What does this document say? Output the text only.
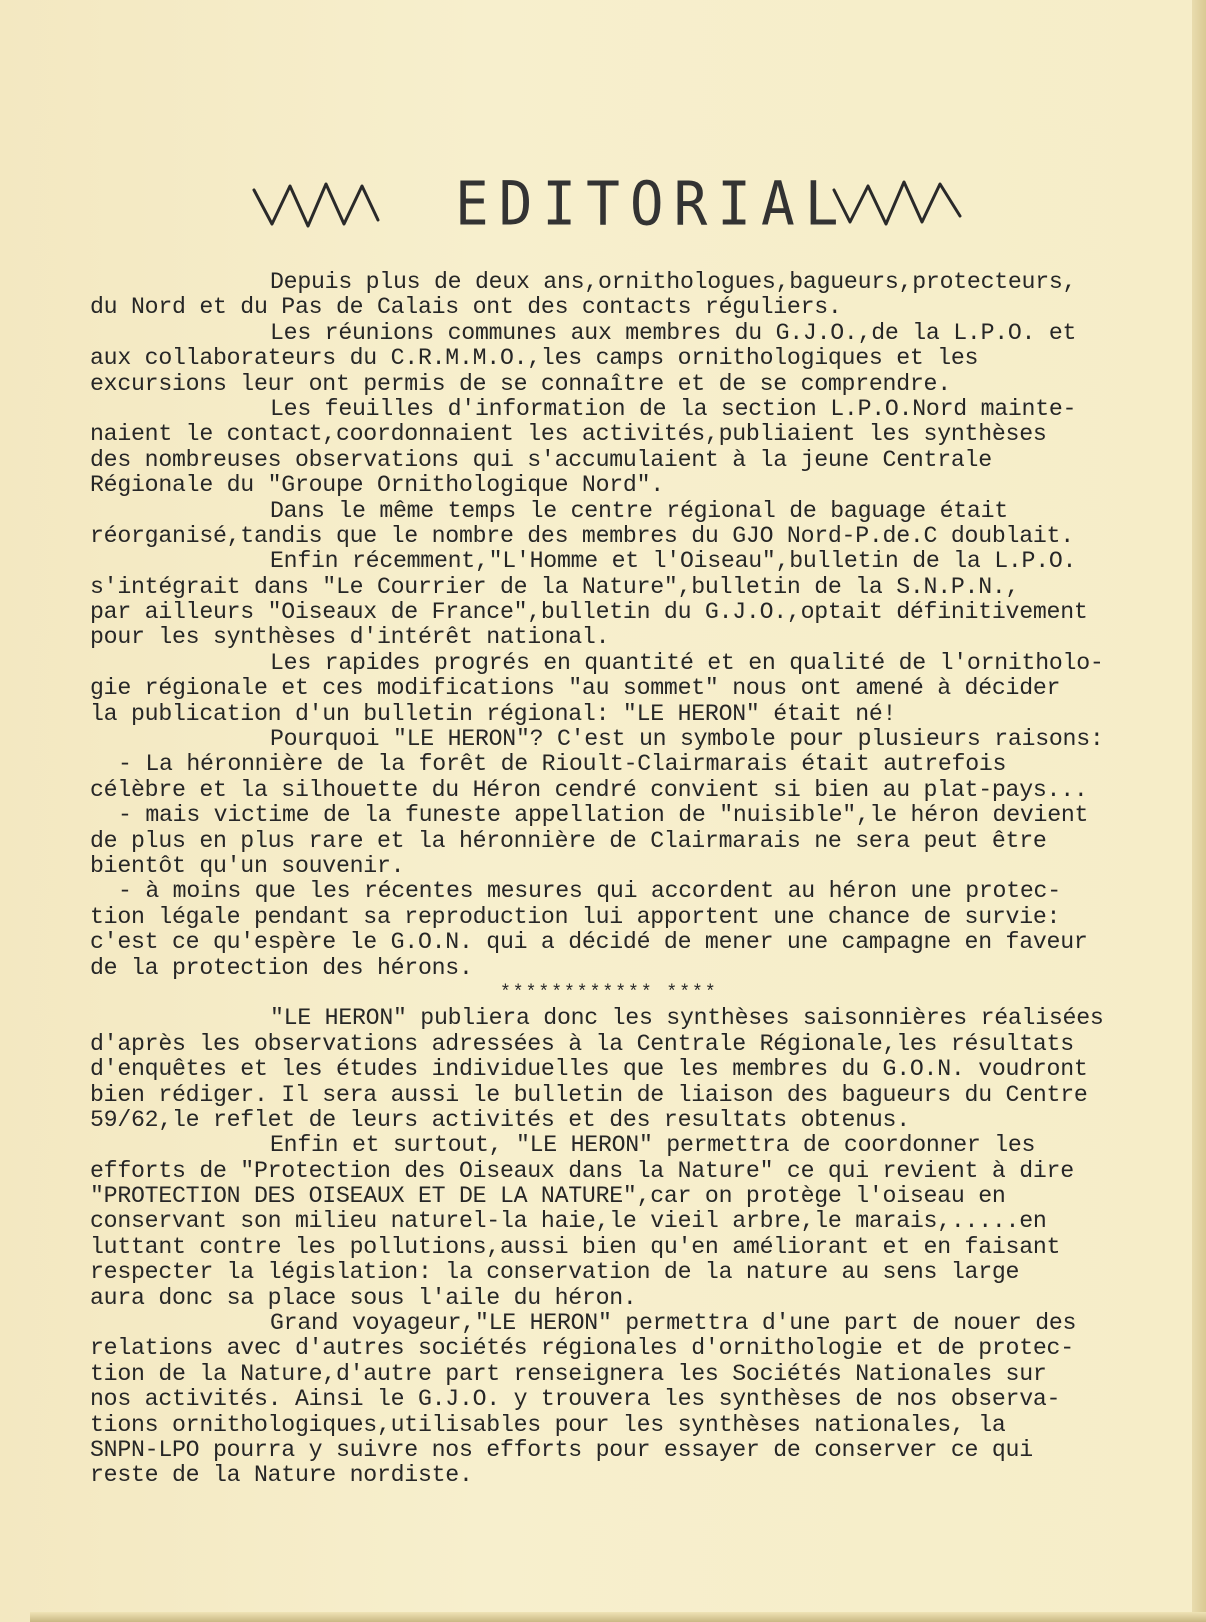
EDITORIAL
Depuis plus de deux ans,ornithologues,bagueurs,protecteurs,
du Nord et du Pas de Calais ont des contacts réguliers.
Les réunions communes aux membres du G.J.O.,de la L.P.O. et
aux collaborateurs du C.R.M.M.O.,les camps ornithologiques et les
excursions leur ont permis de se connaître et de se comprendre.
Les feuilles d'information de la section L.P.O.Nord mainte-
naient le contact,coordonnaient les activités,publiaient les synthèses
des nombreuses observations qui s'accumulaient à la jeune Centrale
Régionale du "Groupe Ornithologique Nord".
Dans le même temps le centre régional de baguage était
réorganisé,tandis que le nombre des membres du GJO Nord-P.de.C doublait.
Enfin récemment,"L'Homme et l'Oiseau",bulletin de la L.P.O.
s'intégrait dans "Le Courrier de la Nature",bulletin de la S.N.P.N.,
par ailleurs "Oiseaux de France",bulletin du G.J.O.,optait définitivement
pour les synthèses d'intérêt national.
Les rapides progrés en quantité et en qualité de l'ornitholo-
gie régionale et ces modifications "au sommet" nous ont amené à décider
la publication d'un bulletin régional: "LE HERON" était né!
Pourquoi "LE HERON"? C'est un symbole pour plusieurs raisons:
- La héronnière de la forêt de Rioult-Clairmarais était autrefois
célèbre et la silhouette du Héron cendré convient si bien au plat-pays...
- mais victime de la funeste appellation de "nuisible",le héron devient
de plus en plus rare et la héronnière de Clairmarais ne sera peut être
bientôt qu'un souvenir.
- à moins que les récentes mesures qui accordent au héron une protec-
tion légale pendant sa reproduction lui apportent une chance de survie:
c'est ce qu'espère le G.O.N. qui a décidé de mener une campagne en faveur
de la protection des hérons.
************ ****
"LE HERON" publiera donc les synthèses saisonnières réalisées
d'après les observations adressées à la Centrale Régionale,les résultats
d'enquêtes et les études individuelles que les membres du G.O.N. voudront
bien rédiger. Il sera aussi le bulletin de liaison des bagueurs du Centre
59/62,le reflet de leurs activités et des resultats obtenus.
Enfin et surtout, "LE HERON" permettra de coordonner les
efforts de "Protection des Oiseaux dans la Nature" ce qui revient à dire
"PROTECTION DES OISEAUX ET DE LA NATURE",car on protège l'oiseau en
conservant son milieu naturel-la haie,le vieil arbre,le marais,.....en
luttant contre les pollutions,aussi bien qu'en améliorant et en faisant
respecter la législation: la conservation de la nature au sens large
aura donc sa place sous l'aile du héron.
Grand voyageur,"LE HERON" permettra d'une part de nouer des
relations avec d'autres sociétés régionales d'ornithologie et de protec-
tion de la Nature,d'autre part renseignera les Sociétés Nationales sur
nos activités. Ainsi le G.J.O. y trouvera les synthèses de nos observa-
tions ornithologiques,utilisables pour les synthèses nationales, la
SNPN-LPO pourra y suivre nos efforts pour essayer de conserver ce qui
reste de la Nature nordiste.
